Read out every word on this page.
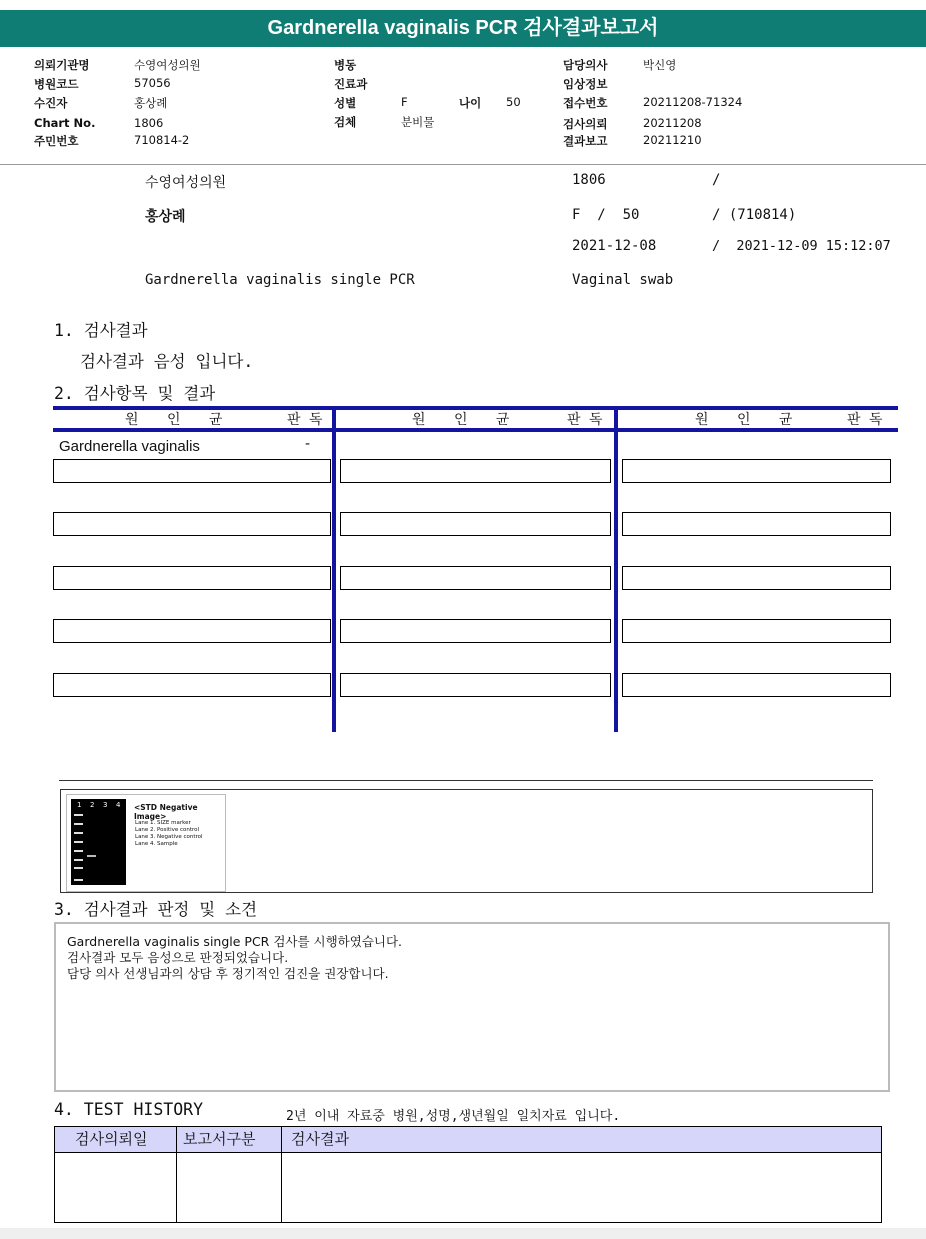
Gardnerella vaginalis PCR 검사결과보고서
의뢰기관명	수영여성의원
병원코드	57056
수진자	홍상례
Chart No.	1806
주민번호	710814-2
병동
진료과
성별	F	나이 50
검체	분비물
담당의사	박신영
임상정보
접수번호	20211208-71324
검사의뢰	20211208
결과보고	20211210
수영여성의원	1806	/
홍상례	F  /  50	/ (710814)
2021-12-08	/  2021-12-09 15:12:07
Gardnerella vaginalis single PCR	Vaginal swab
1. 검사결과
검사결과 음성 입니다.
2. 검사항목 및 결과
원 인 균	판 독	원 인 균	판 독	원 인 균	판 독
Gardnerella vaginalis	-
1 2 3 4 <STD Negative Image>
Lane 1. SIZE marker
Lane 2. Positive control
Lane 3. Negative control
Lane 4. Sample
3. 검사결과 판정 및 소견
Gardnerella vaginalis single PCR 검사를 시행하였습니다.
검사결과 모두 음성으로 판정되었습니다.
담당 의사 선생님과의 상담 후 정기적인 검진을 권장합니다.
4. TEST HISTORY	2년 이내 자료중 병원,성명,생년월일 일치자료 입니다.
검사의뢰일 보고서구분 검사결과
